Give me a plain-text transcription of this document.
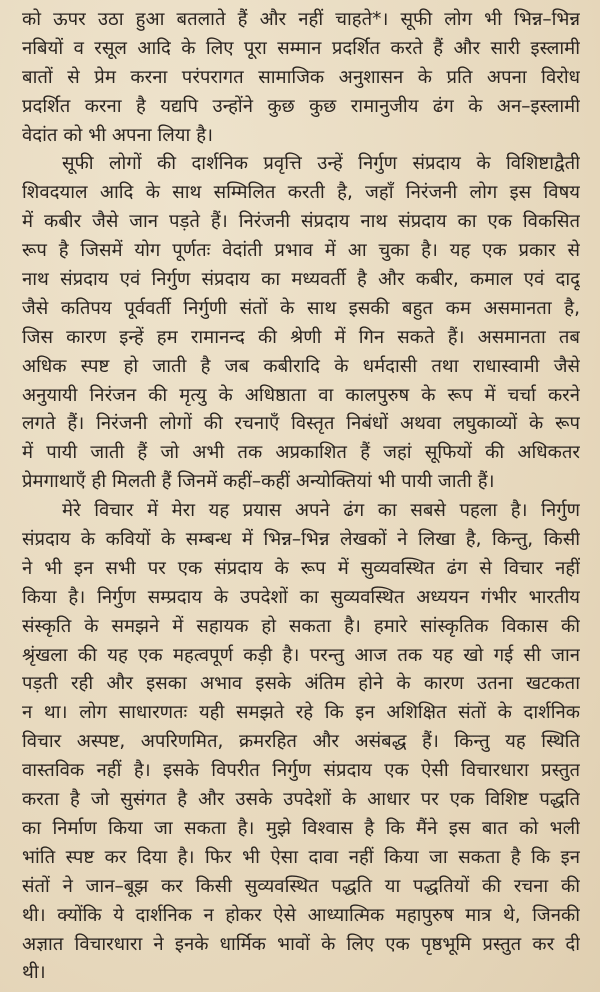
को ऊपर उठा हुआ बतलाते हैं और नहीं चाहते*। सूफी लोग भी भिन्न–भिन्न
नबियों व रसूल आदि के लिए पूरा सम्मान प्रदर्शित करते हैं और सारी इस्लामी
बातों से प्रेम करना परंपरागत सामाजिक अनुशासन के प्रति अपना विरोध
प्रदर्शित करना है यद्यपि उन्होंने कुछ कुछ रामानुजीय ढंग के अन–इस्लामी
वेदांत को भी अपना लिया है।
सूफी लोगों की दार्शनिक प्रवृत्ति उन्हें निर्गुण संप्रदाय के विशिष्टाद्वैती
शिवदयाल आदि के साथ सम्मिलित करती है, जहाँ निरंजनी लोग इस विषय
में कबीर जैसे जान पड़ते हैं। निरंजनी संप्रदाय नाथ संप्रदाय का एक विकसित
रूप है जिसमें योग पूर्णतः वेदांती प्रभाव में आ चुका है। यह एक प्रकार से
नाथ संप्रदाय एवं निर्गुण संप्रदाय का मध्यवर्ती है और कबीर, कमाल एवं दादू
जैसे कतिपय पूर्ववर्ती निर्गुणी संतों के साथ इसकी बहुत कम असमानता है,
जिस कारण इन्हें हम रामानन्द की श्रेणी में गिन सकते हैं। असमानता तब
अधिक स्पष्ट हो जाती है जब कबीरादि के धर्मदासी तथा राधास्वामी जैसे
अनुयायी निरंजन की मृत्यु के अधिष्ठाता वा कालपुरुष के रूप में चर्चा करने
लगते हैं। निरंजनी लोगों की रचनाएँ विस्तृत निबंधों अथवा लघुकाव्यों के रूप
में पायी जाती हैं जो अभी तक अप्रकाशित हैं जहां सूफियों की अधिकतर
प्रेमगाथाएँ ही मिलती हैं जिनमें कहीं–कहीं अन्योक्तियां भी पायी जाती हैं।
मेरे विचार में मेरा यह प्रयास अपने ढंग का सबसे पहला है। निर्गुण
संप्रदाय के कवियों के सम्बन्ध में भिन्न–भिन्न लेखकों ने लिखा है, किन्तु, किसी
ने भी इन सभी पर एक संप्रदाय के रूप में सुव्यवस्थित ढंग से विचार नहीं
किया है। निर्गुण सम्प्रदाय के उपदेशों का सुव्यवस्थित अध्ययन गंभीर भारतीय
संस्कृति के समझने में सहायक हो सकता है। हमारे सांस्कृतिक विकास की
श्रृंखला की यह एक महत्वपूर्ण कड़ी है। परन्तु आज तक यह खो गई सी जान
पड़ती रही और इसका अभाव इसके अंतिम होने के कारण उतना खटकता
न था। लोग साधारणतः यही समझते रहे कि इन अशिक्षित संतों के दार्शनिक
विचार अस्पष्ट, अपरिणमित, क्रमरहित और असंबद्ध हैं। किन्तु यह स्थिति
वास्तविक नहीं है। इसके विपरीत निर्गुण संप्रदाय एक ऐसी विचारधारा प्रस्तुत
करता है जो सुसंगत है और उसके उपदेशों के आधार पर एक विशिष्ट पद्धति
का निर्माण किया जा सकता है। मुझे विश्वास है कि मैंने इस बात को भली
भांति स्पष्ट कर दिया है। फिर भी ऐसा दावा नहीं किया जा सकता है कि इन
संतों ने जान–बूझ कर किसी सुव्यवस्थित पद्धति या पद्धतियों की रचना की
थी। क्योंकि ये दार्शनिक न होकर ऐसे आध्यात्मिक महापुरुष मात्र थे, जिनकी
अज्ञात विचारधारा ने इनके धार्मिक भावों के लिए एक पृष्ठभूमि प्रस्तुत कर दी
थी।
